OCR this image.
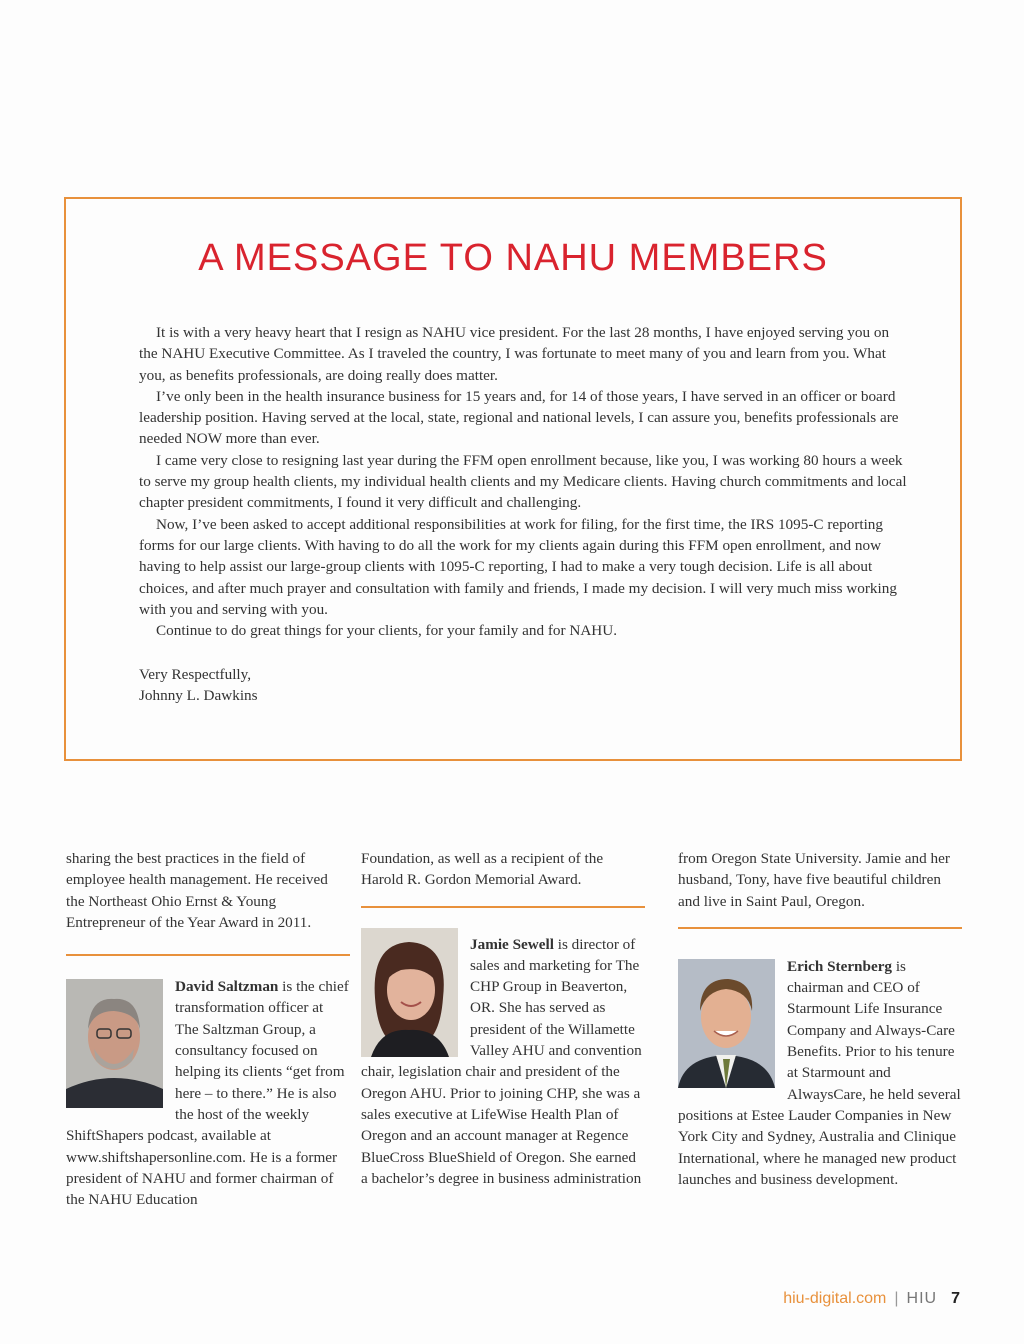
A MESSAGE TO NAHU MEMBERS

It is with a very heavy heart that I resign as NAHU vice president. For the last 28 months, I have enjoyed serving you on the NAHU Executive Committee. As I traveled the country, I was fortunate to meet many of you and learn from you. What you, as benefits professionals, are doing really does matter.

I’ve only been in the health insurance business for 15 years and, for 14 of those years, I have served in an officer or board leadership position. Having served at the local, state, regional and national levels, I can assure you, benefits professionals are needed NOW more than ever.

I came very close to resigning last year during the FFM open enrollment because, like you, I was working 80 hours a week to serve my group health clients, my individual health clients and my Medicare clients. Having church commitments and local chapter president commitments, I found it very difficult and challenging.

Now, I’ve been asked to accept additional responsibilities at work for filing, for the first time, the IRS 1095-C reporting forms for our large clients. With having to do all the work for my clients again during this FFM open enrollment, and now having to help assist our large-group clients with 1095-C reporting, I had to make a very tough decision. Life is all about choices, and after much prayer and consultation with family and friends, I made my decision. I will very much miss working with you and serving with you.

Continue to do great things for your clients, for your family and for NAHU.

Very Respectfully,
Johnny L. Dawkins

sharing the best practices in the field of employee health management. He received the Northeast Ohio Ernst & Young Entrepreneur of the Year Award in 2011.

David Saltzman is the chief transformation officer at The Saltzman Group, a consultancy focused on helping its clients “get from here – to there.” He is also the host of the weekly ShiftShapers podcast, available at www.shiftshapersonline.com. He is a former president of NAHU and former chairman of the NAHU Education

Foundation, as well as a recipient of the Harold R. Gordon Memorial Award.

Jamie Sewell is director of sales and marketing for The CHP Group in Beaverton, OR. She has served as president of the Willamette Valley AHU and convention chair, legislation chair and president of the Oregon AHU. Prior to joining CHP, she was a sales executive at LifeWise Health Plan of Oregon and an account manager at Regence BlueCross BlueShield of Oregon. She earned a bachelor’s degree in business administration

from Oregon State University. Jamie and her husband, Tony, have five beautiful children and live in Saint Paul, Oregon.

Erich Sternberg is chairman and CEO of Starmount Life Insurance Company and Always-Care Benefits. Prior to his tenure at Starmount and AlwaysCare, he held several positions at Estee Lauder Companies in New York City and Sydney, Australia and Clinique International, where he managed new product launches and business development.
hiu-digital.com | HIU 7
